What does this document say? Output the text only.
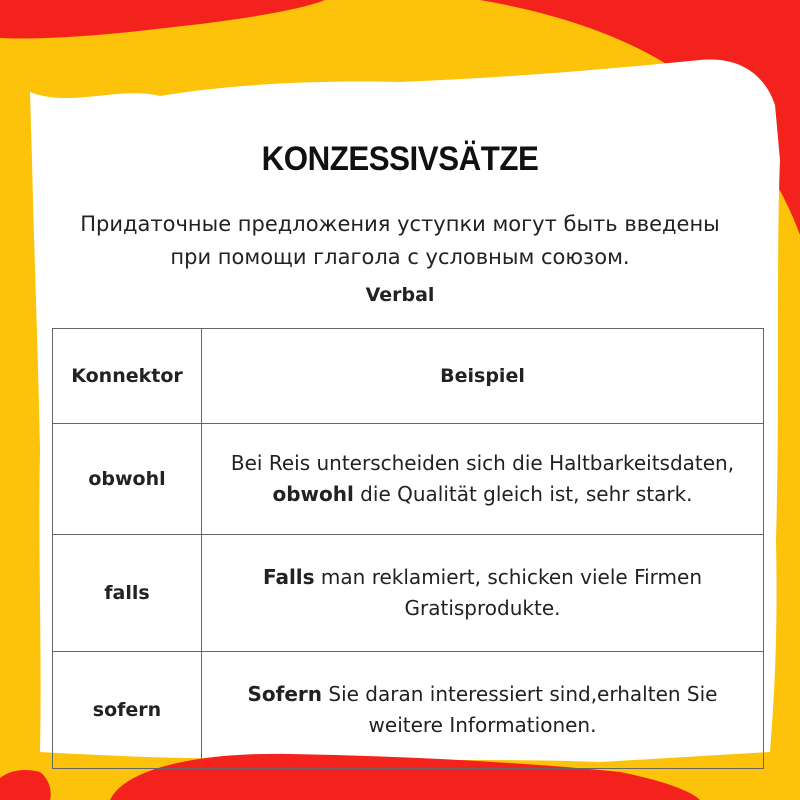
KONZESSIVSÄTZE
Придаточные предложения уступки могут быть введены при помощи глагола с условным союзом.
Verbal
Konnektor	Beispiel
obwohl	Bei Reis unterscheiden sich die Haltbarkeitsdaten, obwohl die Qualität gleich ist, sehr stark.
falls	Falls man reklamiert, schicken viele Firmen Gratisprodukte.
sofern	Sofern Sie daran interessiert sind,erhalten Sie weitere Informationen.
